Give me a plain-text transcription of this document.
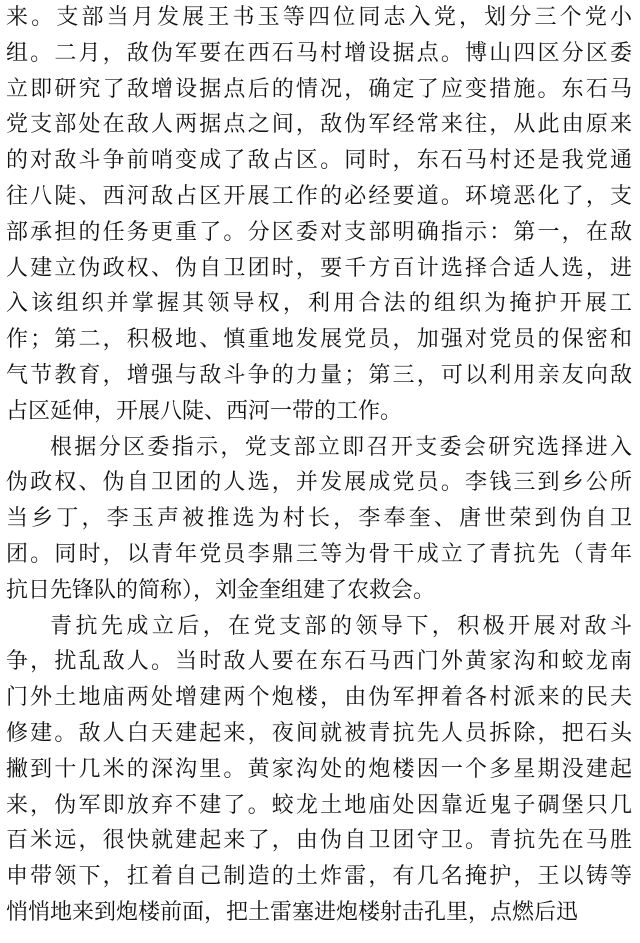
来。支部当月发展王书玉等四位同志入党，划分三个党小
组。二月，敌伪军要在西石马村增设据点。博山四区分区委
立即研究了敌增设据点后的情况，确定了应变措施。东石马
党支部处在敌人两据点之间，敌伪军经常来往，从此由原来
的对敌斗争前哨变成了敌占区。同时，东石马村还是我党通
往八陡、西河敌占区开展工作的必经要道。环境恶化了，支
部承担的任务更重了。分区委对支部明确指示：第一，在敌
人建立伪政权、伪自卫团时，要千方百计选择合适人选，进
入该组织并掌握其领导权，利用合法的组织为掩护开展工
作；第二，积极地、慎重地发展党员，加强对党员的保密和
气节教育，增强与敌斗争的力量；第三，可以利用亲友向敌
占区延伸，开展八陡、西河一带的工作。
根据分区委指示，党支部立即召开支委会研究选择进入
伪政权、伪自卫团的人选，并发展成党员。李钱三到乡公所
当乡丁，李玉声被推选为村长，李奉奎、唐世荣到伪自卫
团。同时，以青年党员李鼎三等为骨干成立了青抗先（青年
抗日先锋队的简称），刘金奎组建了农救会。
青抗先成立后，在党支部的领导下，积极开展对敌斗
争，扰乱敌人。当时敌人要在东石马西门外黄家沟和蛟龙南
门外土地庙两处增建两个炮楼，由伪军押着各村派来的民夫
修建。敌人白天建起来，夜间就被青抗先人员拆除，把石头
撇到十几米的深沟里。黄家沟处的炮楼因一个多星期没建起
来，伪军即放弃不建了。蛟龙土地庙处因靠近鬼子碉堡只几
百米远，很快就建起来了，由伪自卫团守卫。青抗先在马胜
申带领下，扛着自己制造的土炸雷，有几名掩护，王以铸等
悄悄地来到炮楼前面，把土雷塞进炮楼射击孔里，点燃后迅
